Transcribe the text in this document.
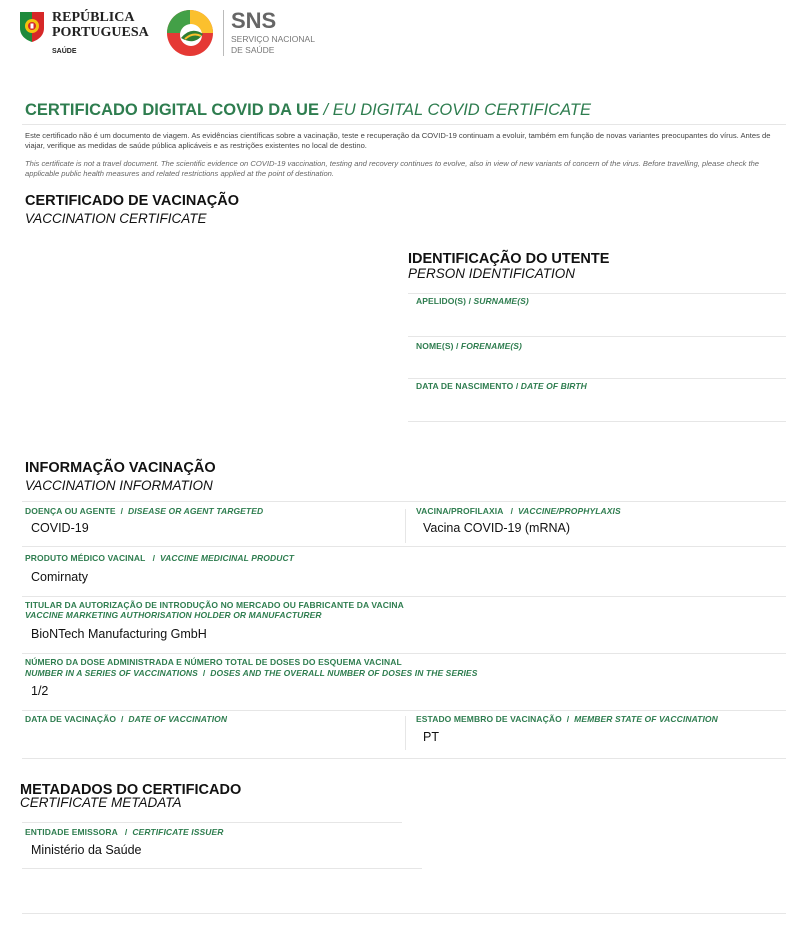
REPÚBLICA
PORTUGUESA
SAÚDE
SNS
SERVIÇO NACIONAL
DE SAÚDE
CERTIFICADO DIGITAL COVID DA UE / EU DIGITAL COVID CERTIFICATE
Este certificado não é um documento de viagem. As evidências científicas sobre a vacinação, teste e recuperação da COVID-19 continuam a evoluir, também em função de novas variantes preocupantes do vírus. Antes de viajar, verifique as medidas de saúde pública aplicáveis e as restrições existentes no local de destino.
This certificate is not a travel document. The scientific evidence on COVID-19 vaccination, testing and recovery continues to evolve, also in view of new variants of concern of the virus. Before travelling, please check the applicable public health measures and related restrictions applied at the point of destination.
CERTIFICADO DE VACINAÇÃO
VACCINATION CERTIFICATE
IDENTIFICAÇÃO DO UTENTE
PERSON IDENTIFICATION
APELIDO(S) / SURNAME(S)
NOME(S) / FORENAME(S)
DATA DE NASCIMENTO / DATE OF BIRTH
INFORMAÇÃO VACINAÇÃO
VACCINATION INFORMATION
DOENÇA OU AGENTE  /  DISEASE OR AGENT TARGETED
COVID-19
VACINA/PROFILAXIA   /  VACCINE/PROPHYLAXIS
Vacina COVID-19 (mRNA)
PRODUTO MÉDICO VACINAL   /  VACCINE MEDICINAL PRODUCT
Comirnaty
TITULAR DA AUTORIZAÇÃO DE INTRODUÇÃO NO MERCADO OU FABRICANTE DA VACINA
VACCINE MARKETING AUTHORISATION HOLDER OR MANUFACTURER
BioNTech Manufacturing GmbH
NÚMERO DA DOSE ADMINISTRADA E NÚMERO TOTAL DE DOSES DO ESQUEMA VACINAL
NUMBER IN A SERIES OF VACCINATIONS  /  DOSES AND THE OVERALL NUMBER OF DOSES IN THE SERIES
1/2
DATA DE VACINAÇÃO  /  DATE OF VACCINATION	ESTADO MEMBRO DE VACINAÇÃO  /  MEMBER STATE OF VACCINATION
PT
METADADOS DO CERTIFICADO
CERTIFICATE METADATA
ENTIDADE EMISSORA   /  CERTIFICATE ISSUER
Ministério da Saúde
